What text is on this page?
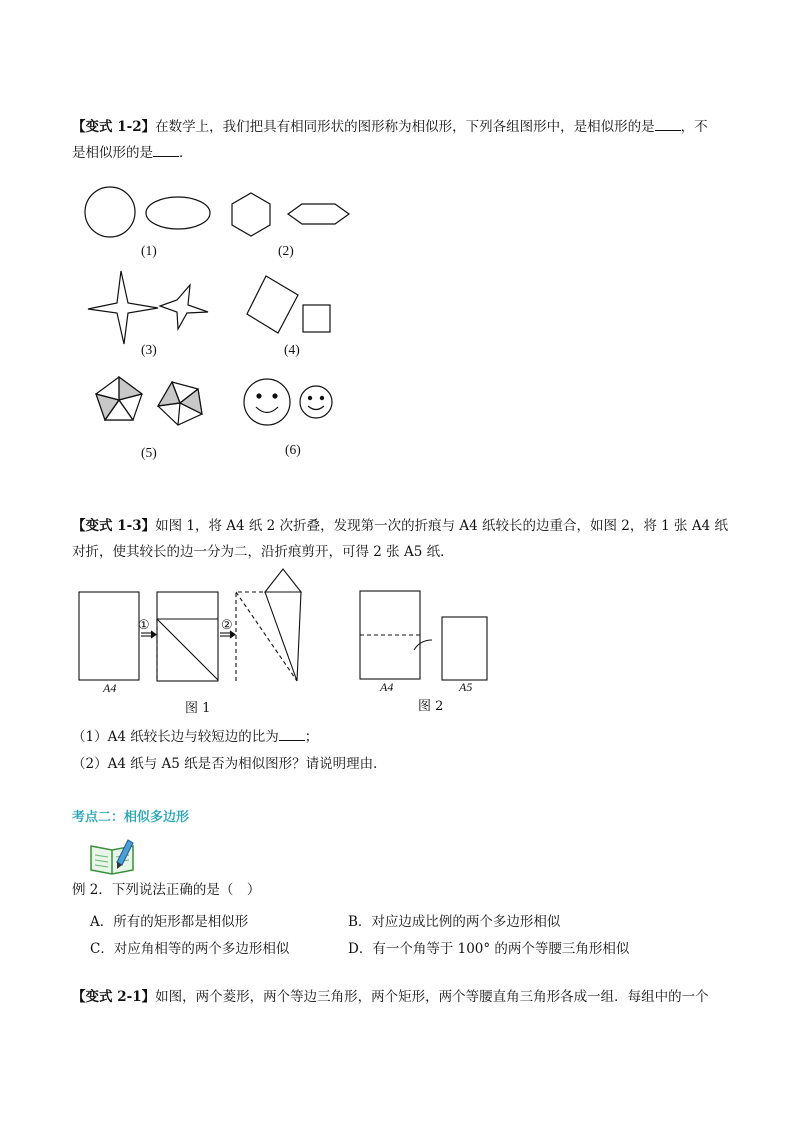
【变式 1-2】在数学上，我们把具有相同形状的图形称为相似形，下列各组图形中，是相似形的是 ，不
是相似形的是 ．
(1)	(2)
(3)	(4)
(5)	(6)
【变式 1-3】如图 1，将 A4 纸 2 次折叠，发现第一次的折痕与 A4 纸较长的边重合，如图 2，将 1 张 A4 纸
对折，使其较长的边一分为二，沿折痕剪开，可得 2 张 A5 纸．
①	②
A4
图 1
A4	A5
图 2
（1）A4 纸较长边与较短边的比为 ；
（2）A4 纸与 A5 纸是否为相似图形？请说明理由．
考点二：相似多边形
例 2．下列说法正确的是（　）
A．所有的矩形都是相似形	B．对应边成比例的两个多边形相似
C．对应角相等的两个多边形相似	D．有一个角等于 100° 的两个等腰三角形相似
【变式 2-1】如图，两个菱形，两个等边三角形，两个矩形，两个等腰直角三角形各成一组．每组中的一个
